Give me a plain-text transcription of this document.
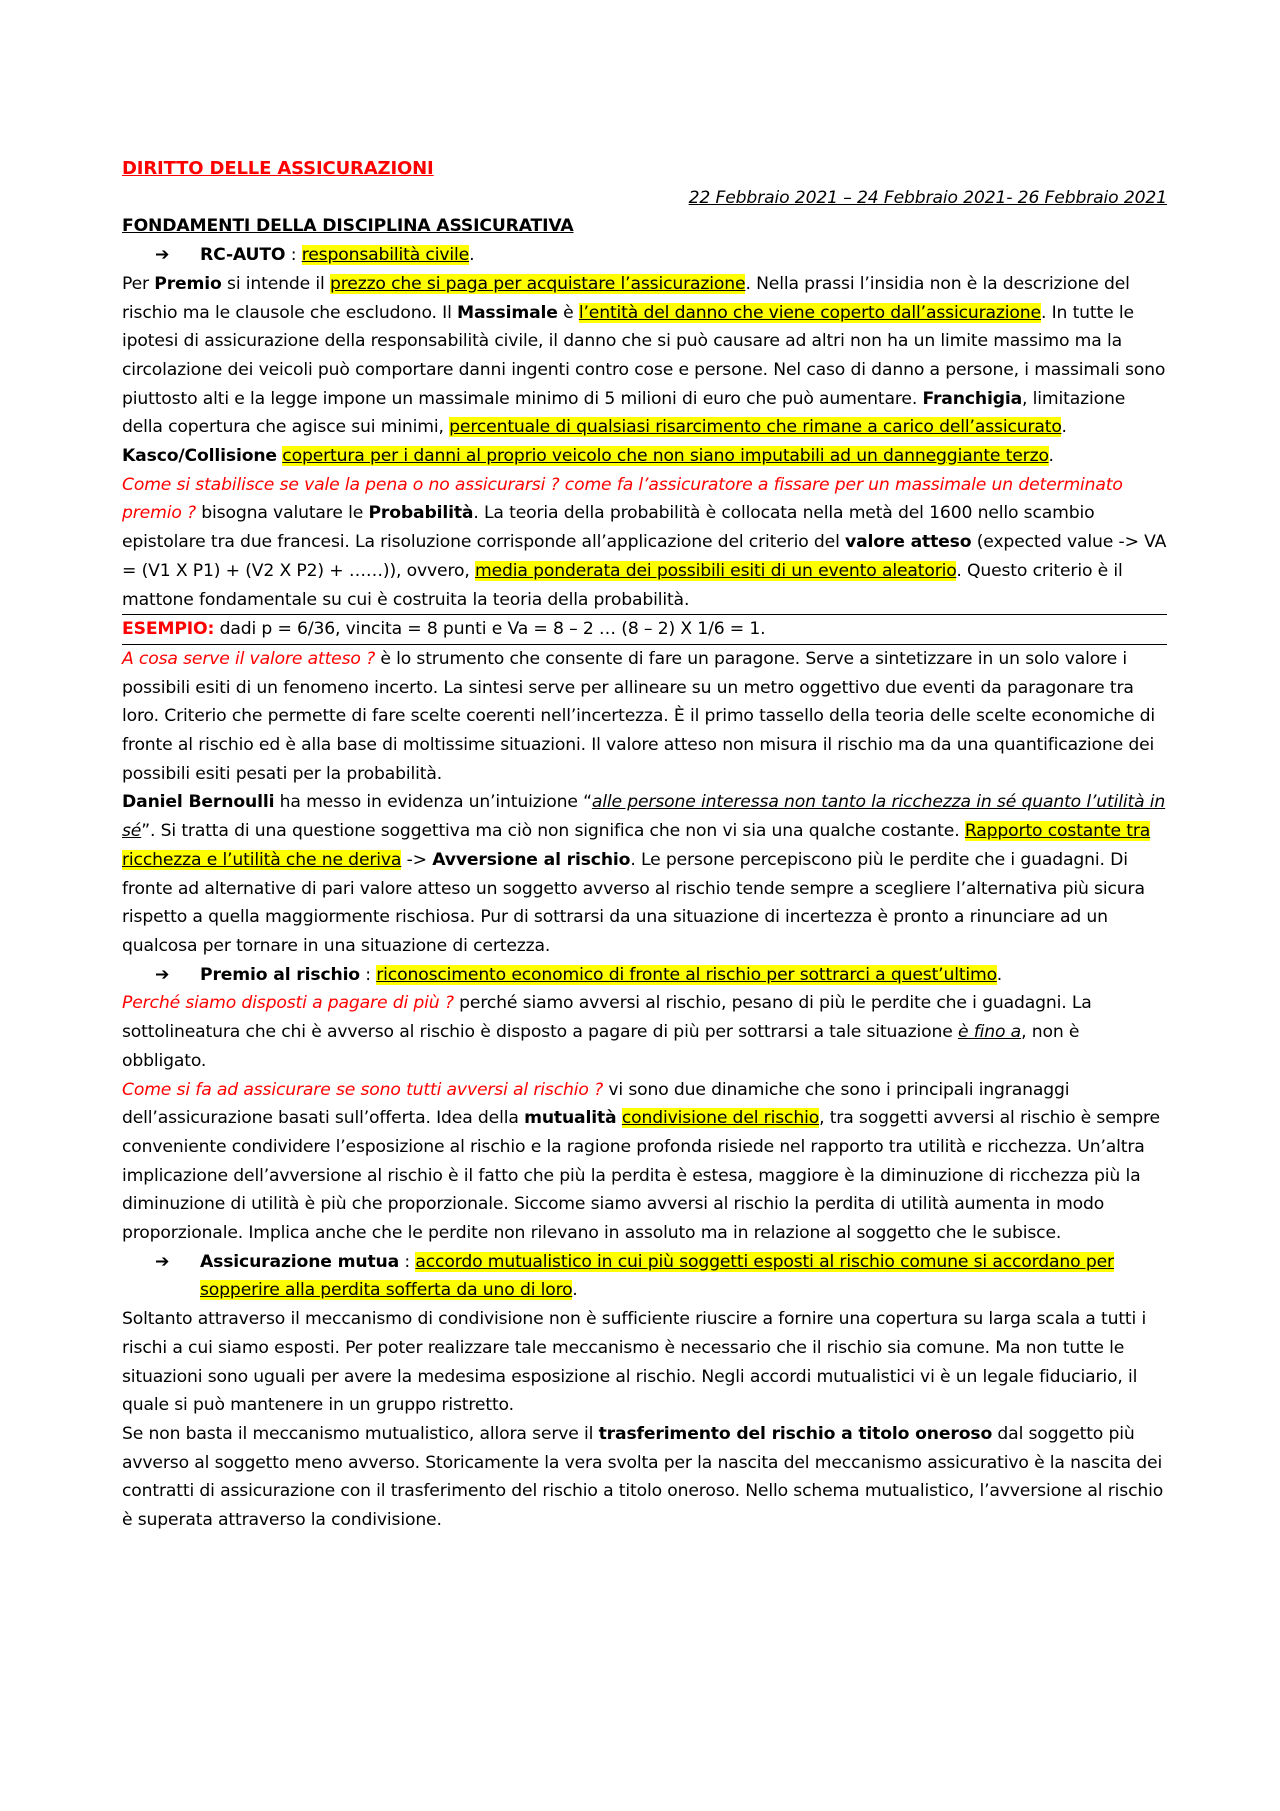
DIRITTO DELLE ASSICURAZIONI

22 Febbraio 2021 – 24 Febbraio 2021- 26 Febbraio 2021

FONDAMENTI DELLA DISCIPLINA ASSICURATIVA

➔ RC-AUTO : responsabilità civile.

Per Premio si intende il prezzo che si paga per acquistare l’assicurazione. Nella prassi l’insidia non è la descrizione del rischio ma le clausole che escludono. Il Massimale è l’entità del danno che viene coperto dall’assicurazione. In tutte le ipotesi di assicurazione della responsabilità civile, il danno che si può causare ad altri non ha un limite massimo ma la circolazione dei veicoli può comportare danni ingenti contro cose e persone. Nel caso di danno a persone, i massimali sono piuttosto alti e la legge impone un massimale minimo di 5 milioni di euro che può aumentare. Franchigia, limitazione della copertura che agisce sui minimi, percentuale di qualsiasi risarcimento che rimane a carico dell’assicurato. Kasco/Collisione copertura per i danni al proprio veicolo che non siano imputabili ad un danneggiante terzo.

Come si stabilisce se vale la pena o no assicurarsi ? come fa l’assicuratore a fissare per un massimale un determinato premio ? bisogna valutare le Probabilità. La teoria della probabilità è collocata nella metà del 1600 nello scambio epistolare tra due francesi. La risoluzione corrisponde all’applicazione del criterio del valore atteso (expected value -> VA = (V1 X P1) + (V2 X P2) + ……)), ovvero, media ponderata dei possibili esiti di un evento aleatorio. Questo criterio è il mattone fondamentale su cui è costruita la teoria della probabilità.

ESEMPIO: dadi p = 6/36, vincita = 8 punti e Va = 8 – 2 … (8 – 2) X 1/6 = 1.

A cosa serve il valore atteso ? è lo strumento che consente di fare un paragone. Serve a sintetizzare in un solo valore i possibili esiti di un fenomeno incerto. La sintesi serve per allineare su un metro oggettivo due eventi da paragonare tra loro. Criterio che permette di fare scelte coerenti nell’incertezza. È il primo tassello della teoria delle scelte economiche di fronte al rischio ed è alla base di moltissime situazioni. Il valore atteso non misura il rischio ma da una quantificazione dei possibili esiti pesati per la probabilità.

Daniel Bernoulli ha messo in evidenza un’intuizione “alle persone interessa non tanto la ricchezza in sé quanto l’utilità in sé”. Si tratta di una questione soggettiva ma ciò non significa che non vi sia una qualche costante. Rapporto costante tra ricchezza e l’utilità che ne deriva -> Avversione al rischio. Le persone percepiscono più le perdite che i guadagni. Di fronte ad alternative di pari valore atteso un soggetto avverso al rischio tende sempre a scegliere l’alternativa più sicura rispetto a quella maggiormente rischiosa. Pur di sottrarsi da una situazione di incertezza è pronto a rinunciare ad un qualcosa per tornare in una situazione di certezza.

➔ Premio al rischio : riconoscimento economico di fronte al rischio per sottrarci a quest’ultimo.

Perché siamo disposti a pagare di più ? perché siamo avversi al rischio, pesano di più le perdite che i guadagni. La sottolineatura che chi è avverso al rischio è disposto a pagare di più per sottrarsi a tale situazione è fino a, non è obbligato.

Come si fa ad assicurare se sono tutti avversi al rischio ? vi sono due dinamiche che sono i principali ingranaggi dell’assicurazione basati sull’offerta. Idea della mutualità condivisione del rischio, tra soggetti avversi al rischio è sempre conveniente condividere l’esposizione al rischio e la ragione profonda risiede nel rapporto tra utilità e ricchezza. Un’altra implicazione dell’avversione al rischio è il fatto che più la perdita è estesa, maggiore è la diminuzione di ricchezza più la diminuzione di utilità è più che proporzionale. Siccome siamo avversi al rischio la perdita di utilità aumenta in modo proporzionale. Implica anche che le perdite non rilevano in assoluto ma in relazione al soggetto che le subisce.

➔ Assicurazione mutua : accordo mutualistico in cui più soggetti esposti al rischio comune si accordano per sopperire alla perdita sofferta da uno di loro.

Soltanto attraverso il meccanismo di condivisione non è sufficiente riuscire a fornire una copertura su larga scala a tutti i rischi a cui siamo esposti. Per poter realizzare tale meccanismo è necessario che il rischio sia comune. Ma non tutte le situazioni sono uguali per avere la medesima esposizione al rischio. Negli accordi mutualistici vi è un legale fiduciario, il quale si può mantenere in un gruppo ristretto.

Se non basta il meccanismo mutualistico, allora serve il trasferimento del rischio a titolo oneroso dal soggetto più avverso al soggetto meno avverso. Storicamente la vera svolta per la nascita del meccanismo assicurativo è la nascita dei contratti di assicurazione con il trasferimento del rischio a titolo oneroso. Nello schema mutualistico, l’avversione al rischio è superata attraverso la condivisione.
